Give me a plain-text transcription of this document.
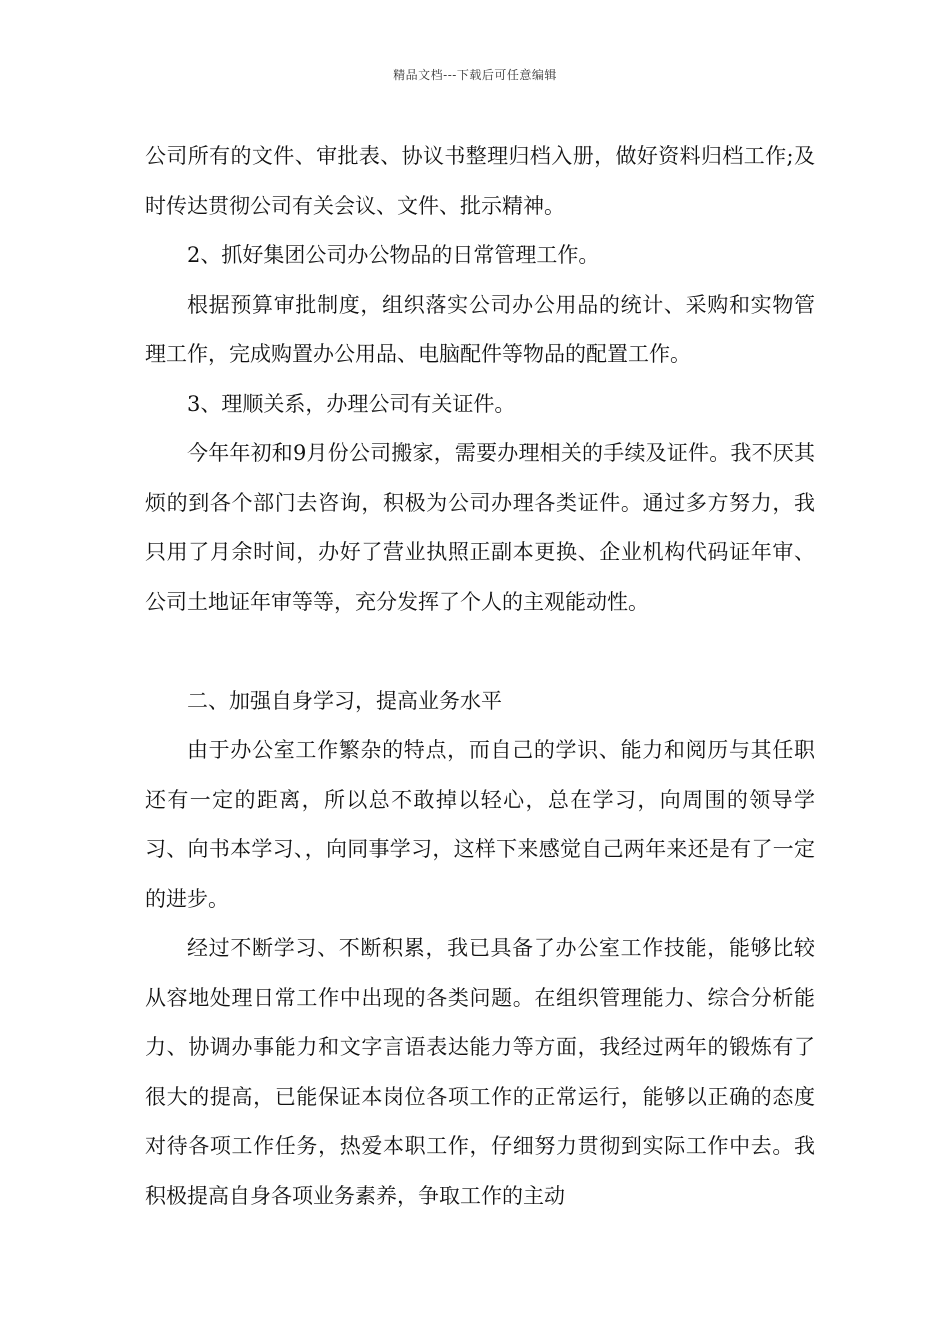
精品文档---下载后可任意编辑

公司所有的文件、审批表、协议书整理归档入册，做好资料归档工作;及时传达贯彻公司有关会议、文件、批示精神。

2、抓好集团公司办公物品的日常管理工作。

根据预算审批制度，组织落实公司办公用品的统计、采购和实物管理工作，完成购置办公用品、电脑配件等物品的配置工作。

3、理顺关系，办理公司有关证件。

今年年初和9月份公司搬家，需要办理相关的手续及证件。我不厌其烦的到各个部门去咨询，积极为公司办理各类证件。通过多方努力，我只用了月余时间，办好了营业执照正副本更换、企业机构代码证年审、公司土地证年审等等，充分发挥了个人的主观能动性。

二、加强自身学习，提高业务水平

由于办公室工作繁杂的特点，而自己的学识、能力和阅历与其任职还有一定的距离，所以总不敢掉以轻心，总在学习，向周围的领导学习、向书本学习、，向同事学习，这样下来感觉自己两年来还是有了一定的进步。

经过不断学习、不断积累，我已具备了办公室工作技能，能够比较从容地处理日常工作中出现的各类问题。在组织管理能力、综合分析能力、协调办事能力和文字言语表达能力等方面，我经过两年的锻炼有了很大的提高，已能保证本岗位各项工作的正常运行，能够以正确的态度对待各项工作任务，热爱本职工作，仔细努力贯彻到实际工作中去。我积极提高自身各项业务素养，争取工作的主动
